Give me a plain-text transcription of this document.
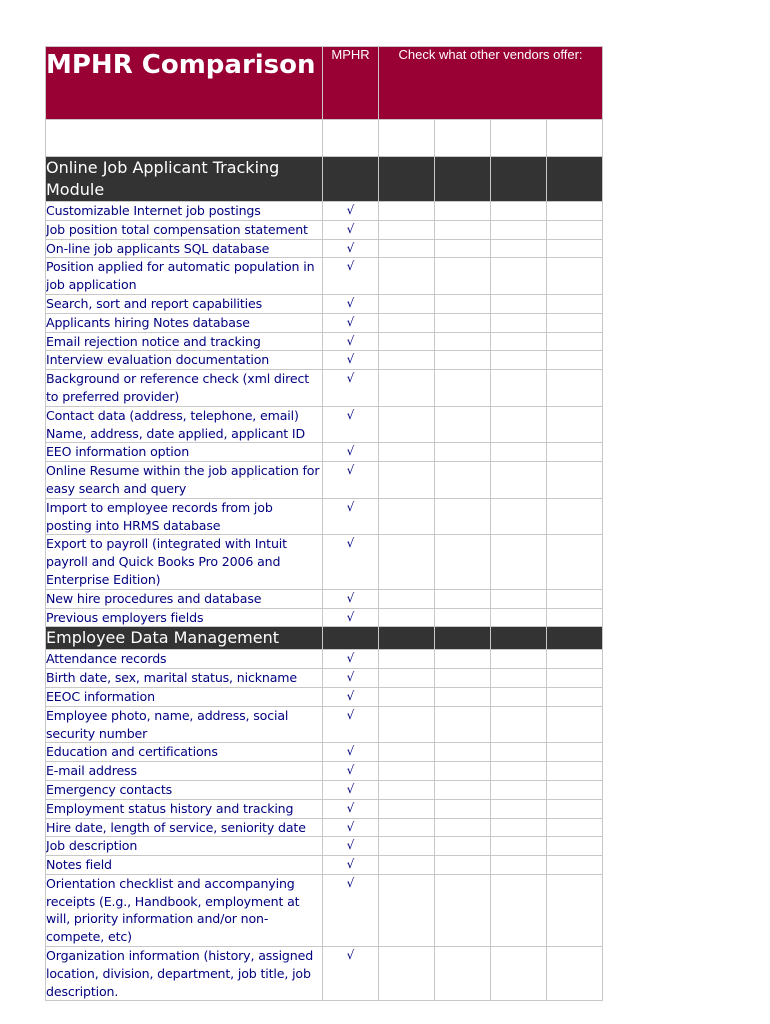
MPHR Comparison	MPHR	Check what other vendors offer:			

Online Job Applicant Tracking Module					
Customizable Internet job postings	√				
Job position total compensation statement	√				
On-line job applicants SQL database	√				
Position applied for automatic population in job application	√				
Search, sort and report capabilities	√				
Applicants hiring Notes database	√				
Email rejection notice and tracking	√				
Interview evaluation documentation	√				
Background or reference check (xml direct to preferred provider)	√				
Contact data (address, telephone, email) Name, address, date applied, applicant ID	√				
EEO information option	√				
Online Resume within the job application for easy search and query	√				
Import to employee records from job posting into HRMS database	√				
Export to payroll (integrated with Intuit payroll and Quick Books Pro 2006 and Enterprise Edition)	√				
New hire procedures and database	√				
Previous employers fields	√				
Employee Data Management					
Attendance records	√				
Birth date, sex, marital status, nickname	√				
EEOC information	√				
Employee photo, name, address, social security number	√				
Education and certifications	√				
E-mail address	√				
Emergency contacts	√				
Employment status history and tracking	√				
Hire date, length of service, seniority date	√				
Job description	√				
Notes field	√				
Orientation checklist and accompanying receipts (E.g., Handbook, employment at will, priority information and/or non-compete, etc)	√				
Organization information (history, assigned location, division, department, job title, job description.	√				
